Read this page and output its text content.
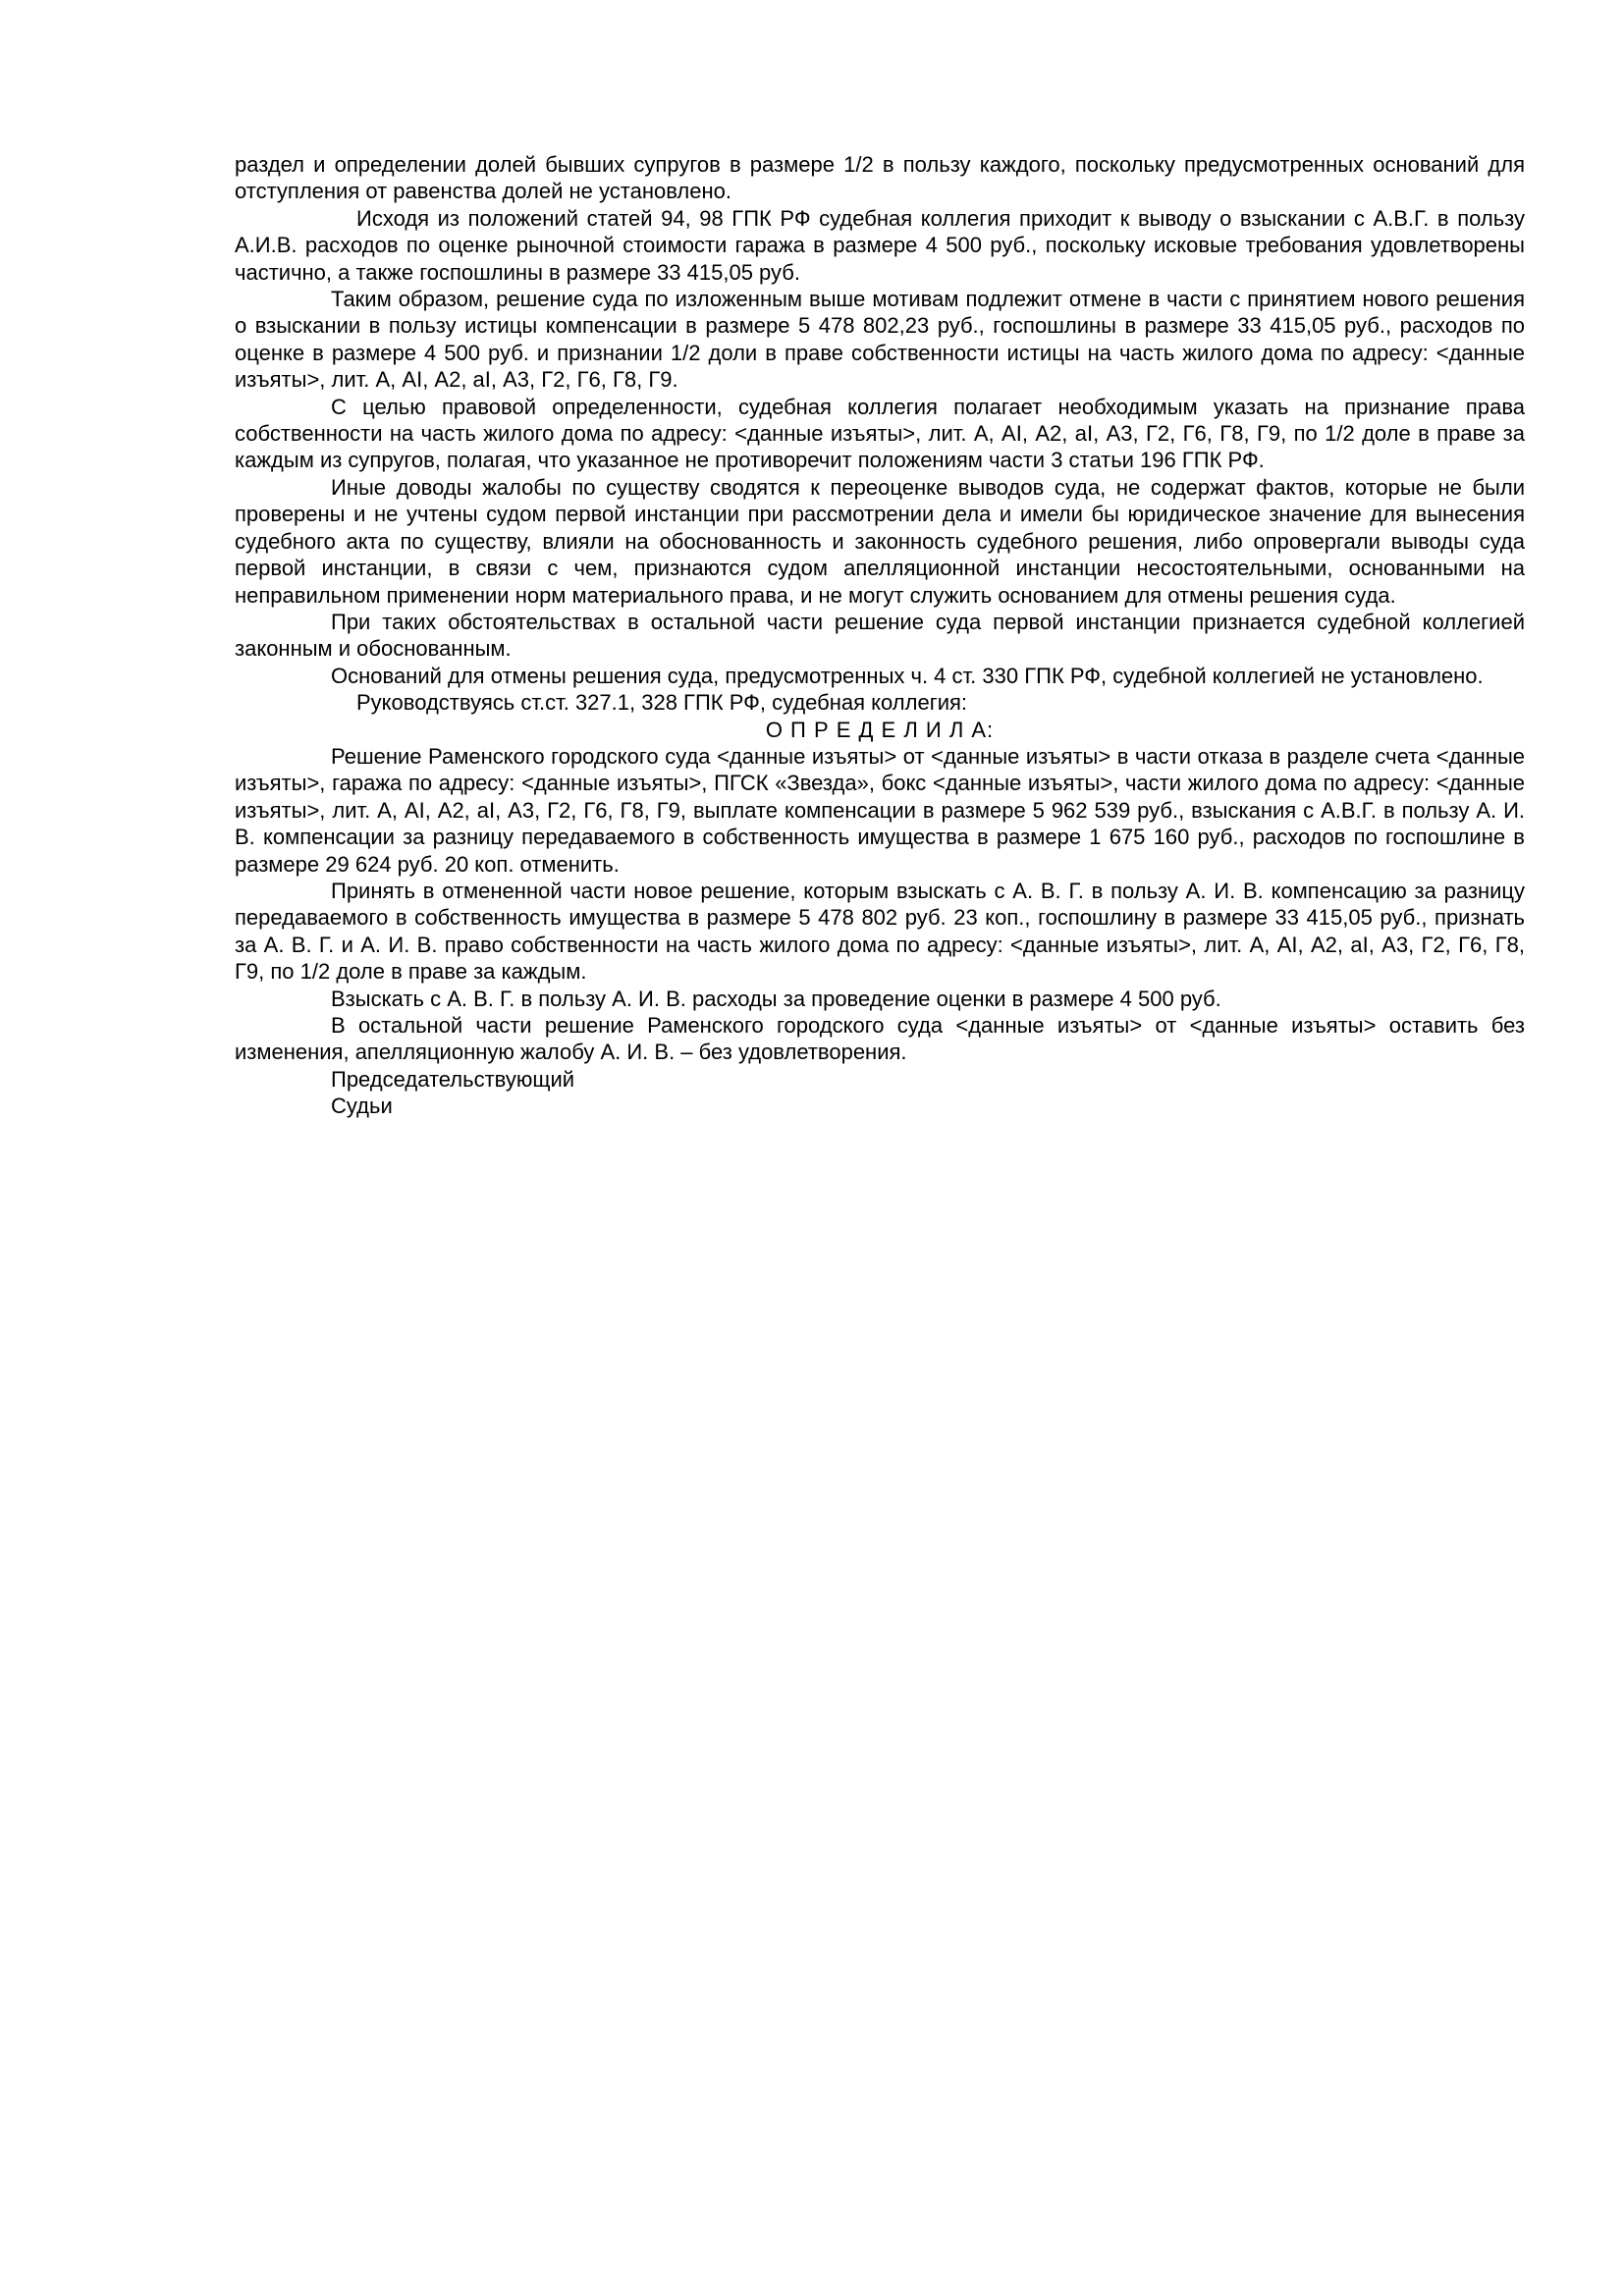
раздел и определении долей бывших супругов в размере 1/2 в пользу каждого, поскольку предусмотренных оснований для отступления от равенства долей не установлено.

Исходя из положений статей 94, 98 ГПК РФ судебная коллегия приходит к выводу о взыскании с А.В.Г. в пользу А.И.В. расходов по оценке рыночной стоимости гаража в размере 4 500 руб., поскольку исковые требования удовлетворены частично, а также госпошлины в размере 33 415,05 руб.

Таким образом, решение суда по изложенным выше мотивам подлежит отмене в части с принятием нового решения о взыскании в пользу истицы компенсации в размере 5 478 802,23 руб., госпошлины в размере 33 415,05 руб., расходов по оценке в размере 4 500 руб. и признании 1/2 доли в праве собственности истицы на часть жилого дома по адресу: <данные изъяты>, лит. А, AI, А2, аI, А3, Г2, Г6, Г8, Г9.

С целью правовой определенности, судебная коллегия полагает необходимым указать на признание права собственности на часть жилого дома по адресу: <данные изъяты>, лит. А, AI, А2, аI, А3, Г2, Г6, Г8, Г9, по 1/2 доле в праве за каждым из супругов, полагая, что указанное не противоречит положениям части 3 статьи 196 ГПК РФ.

Иные доводы жалобы по существу сводятся к переоценке выводов суда, не содержат фактов, которые не были проверены и не учтены судом первой инстанции при рассмотрении дела и имели бы юридическое значение для вынесения судебного акта по существу, влияли на обоснованность и законность судебного решения, либо опровергали выводы суда первой инстанции, в связи с чем, признаются судом апелляционной инстанции несостоятельными, основанными на неправильном применении норм материального права, и не могут служить основанием для отмены решения суда.

При таких обстоятельствах в остальной части решение суда первой инстанции признается судебной коллегией законным и обоснованным.

Оснований для отмены решения суда, предусмотренных ч. 4 ст. 330 ГПК РФ, судебной коллегией не установлено.

Руководствуясь ст.ст. 327.1, 328 ГПК РФ, судебная коллегия:

О П Р Е Д Е Л И Л А:

Решение Раменского городского суда <данные изъяты> от <данные изъяты> в части отказа в разделе счета <данные изъяты>, гаража по адресу: <данные изъяты>, ПГСК «Звезда», бокс <данные изъяты>, части жилого дома по адресу: <данные изъяты>, лит. А, AI, А2, аI, А3, Г2, Г6, Г8, Г9, выплате компенсации в размере 5 962 539 руб., взыскания с А.В.Г. в пользу А. И. В. компенсации за разницу передаваемого в собственность имущества в размере 1 675 160 руб., расходов по госпошлине в размере 29 624 руб. 20 коп. отменить.

Принять в отмененной части новое решение, которым взыскать с А. В. Г. в пользу А. И. В. компенсацию за разницу передаваемого в собственность имущества в размере 5 478 802 руб. 23 коп., госпошлину в размере 33 415,05 руб., признать за А. В. Г. и А. И. В. право собственности на часть жилого дома по адресу: <данные изъяты>, лит. А, AI, А2, аI, А3, Г2, Г6, Г8, Г9, по 1/2 доле в праве за каждым.

Взыскать с А. В. Г. в пользу А. И. В. расходы за проведение оценки в размере 4 500 руб.

В остальной части решение Раменского городского суда <данные изъяты> от <данные изъяты> оставить без изменения, апелляционную жалобу А. И. В. – без удовлетворения.

Председательствующий

Судьи
